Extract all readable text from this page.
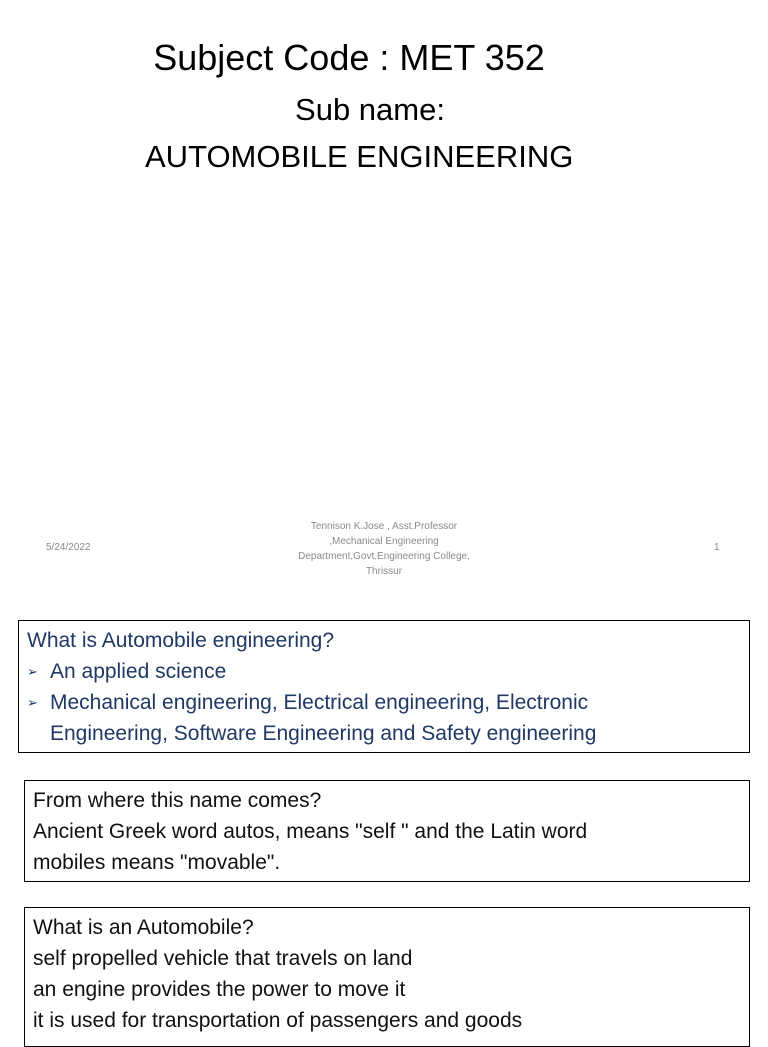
Subject Code : MET 352
Sub name:
AUTOMOBILE ENGINEERING
5/24/2022
Tennison K.Jose , Asst.Professor
,Mechanical Engineering
Department,Govt.Engineering College,
Thrissur
1
What is Automobile engineering?
➢ An applied science
➢ Mechanical engineering, Electrical engineering, Electronic
Engineering, Software Engineering and Safety engineering
From where this name comes?
Ancient Greek word autos, means "self " and the Latin word
mobiles means "movable".
What is an Automobile?
self propelled vehicle that travels on land
an engine provides the power to move it
it is used for transportation of passengers and goods
